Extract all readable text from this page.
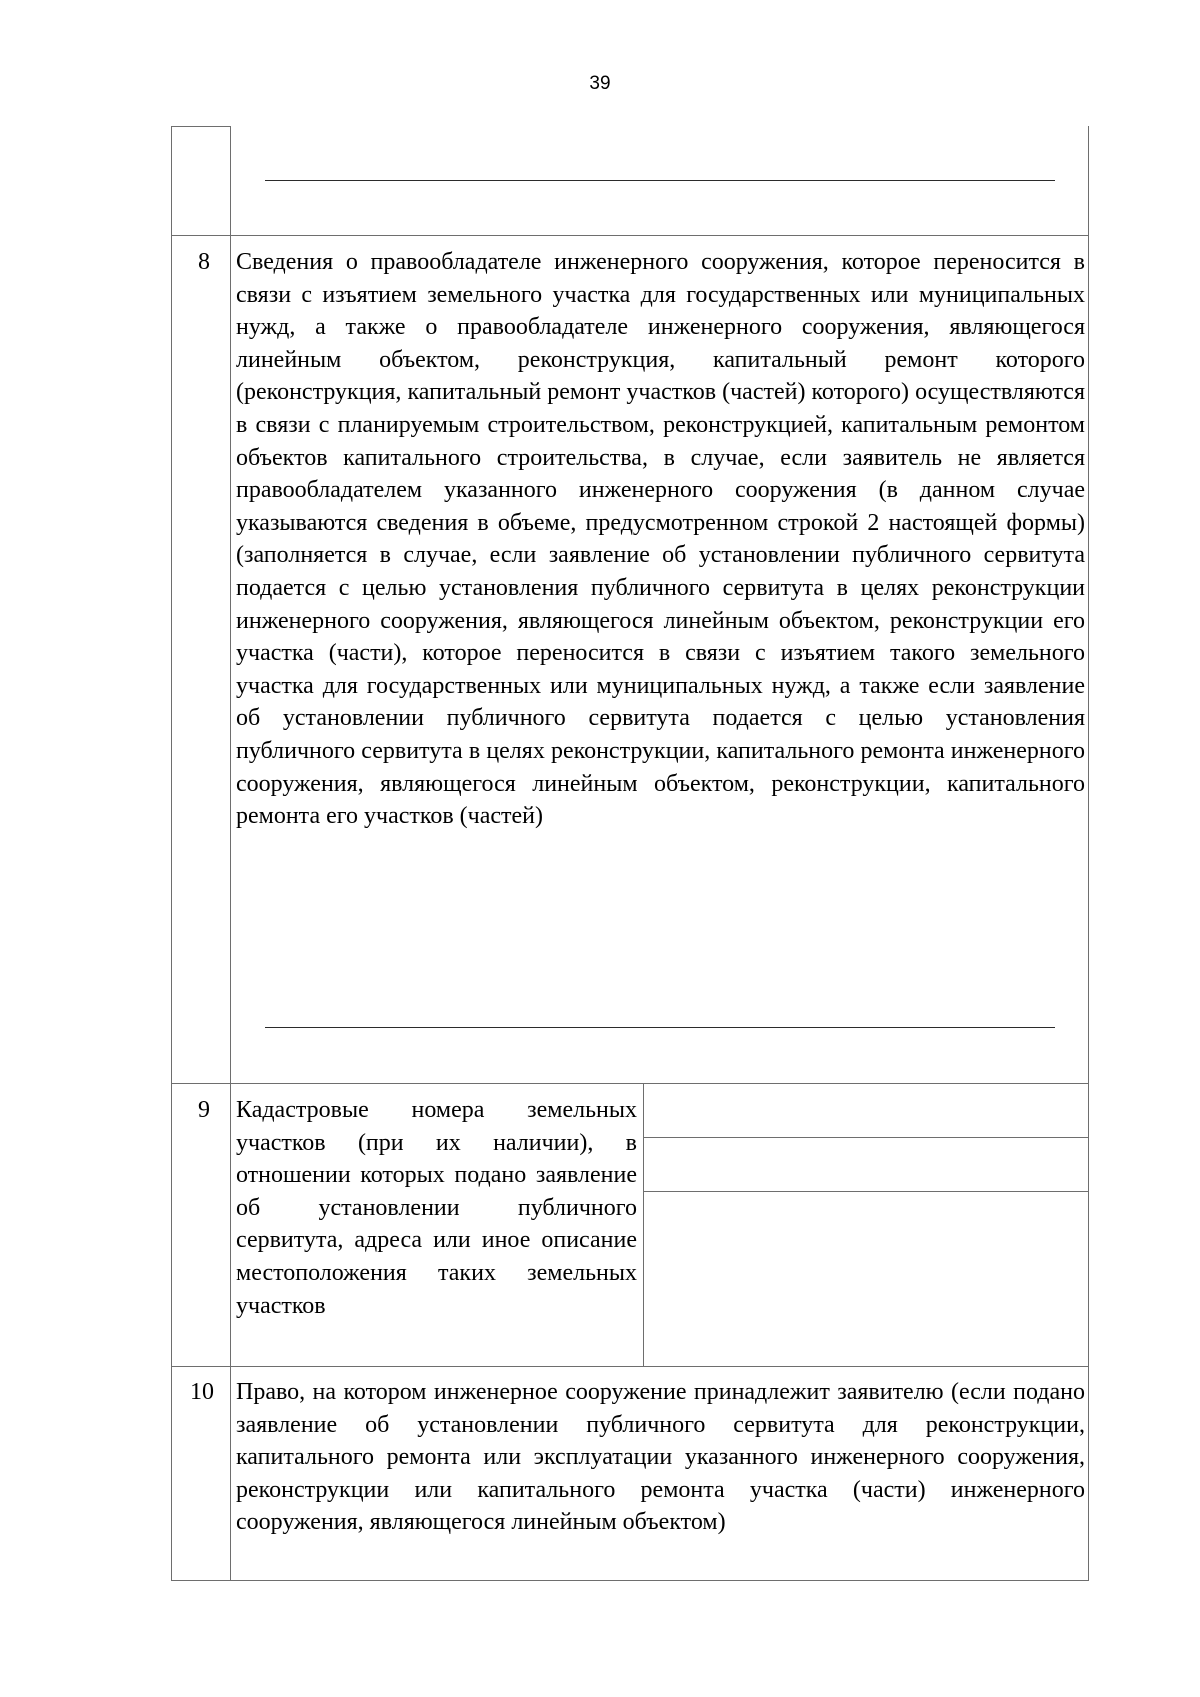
39
8 Сведения о правообладателе инженерного сооружения, которое переносится в связи с изъятием земельного участка для государственных или муниципальных нужд, а также о правообладателе инженерного сооружения, являющегося линейным объектом, реконструкция, капитальный ремонт которого (реконструкция, капитальный ремонт участков (частей) которого) осуществляются в связи с планируемым строительством, реконструкцией, капитальным ремонтом объектов капитального строительства, в случае, если заявитель не является правообладателем указанного инженерного сооружения (в данном случае указываются сведения в объеме, предусмотренном строкой 2 настоящей формы) (заполняется в случае, если заявление об установлении публичного сервитута подается с целью установления публичного сервитута в целях реконструкции инженерного сооружения, являющегося линейным объектом, реконструкции его участка (части), которое переносится в связи с изъятием такого земельного участка для государственных или муниципальных нужд, а также если заявление об установлении публичного сервитута подается с целью установления публичного сервитута в целях реконструкции, капитального ремонта инженерного сооружения, являющегося линейным объектом, реконструкции, капитального ремонта его участков (частей)
9 Кадастровые номера земельных участков (при их наличии), в отношении которых подано заявление об установлении публичного сервитута, адреса или иное описание местоположения таких земельных участков
10 Право, на котором инженерное сооружение принадлежит заявителю (если подано заявление об установлении публичного сервитута для реконструкции, капитального ремонта или эксплуатации указанного инженерного сооружения, реконструкции или капитального ремонта участка (части) инженерного сооружения, являющегося линейным объектом)
